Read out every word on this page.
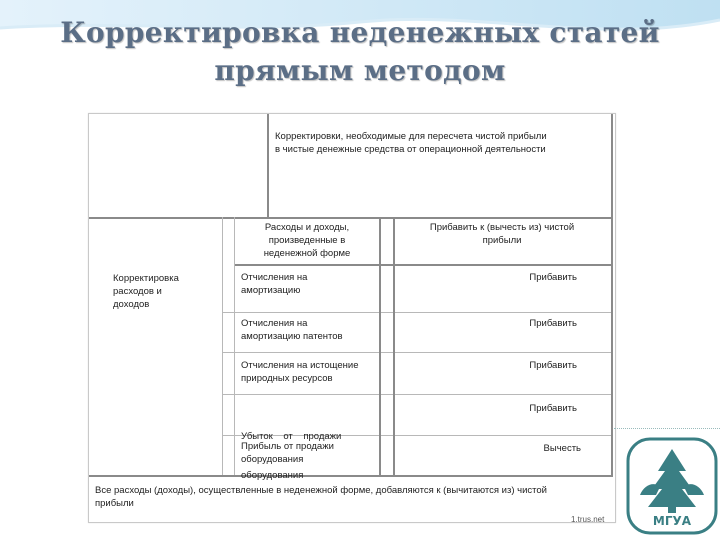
Корректировка неденежных статей
прямым методом
Корректировки, необходимые для пересчета чистой прибыли
в чистые денежные средства от операционной деятельности
Расходы и доходы,
произведенные в
неденежной форме
Прибавить к (вычесть из) чистой
прибыли
Корректировка
расходов и
доходов
Отчисления на
амортизацию
Прибавить
Отчисления на
амортизацию патентов
Прибавить
Отчисления на истощение
природных ресурсов
Прибавить

Убыток    от    продажи

оборудования

Прибавить
Прибыль от продажи
оборудования
Вычесть
Все расходы (доходы), осуществленные в неденежной форме, добавляются к (вычитаются из) чистой
прибыли
1.trus.net	МГУА
